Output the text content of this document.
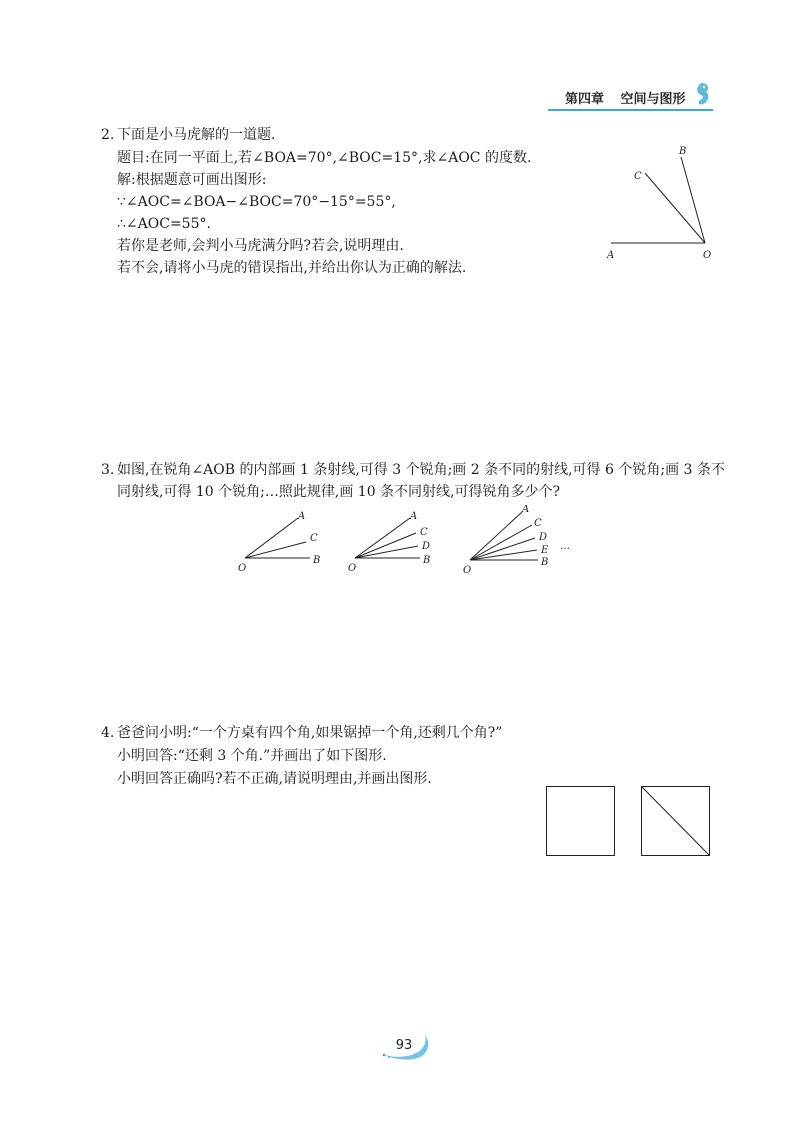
第四章 空间与图形
2. 下面是小马虎解的一道题.
题目:在同一平面上,若∠BOA=70°,∠BOC=15°,求∠AOC 的度数.
解:根据题意可画出图形:
∵∠AOC=∠BOA−∠BOC=70°−15°=55°,
∴∠AOC=55°.
若你是老师,会判小马虎满分吗?若会,说明理由.
若不会,请将小马虎的错误指出,并给出你认为正确的解法.
A
B
C
O
3. 如图,在锐角∠AOB 的内部画 1 条射线,可得 3 个锐角;画 2 条不同的射线,可得 6 个锐角;画 3 条不
同射线,可得 10 个锐角;…照此规律,画 10 条不同射线,可得锐角多少个?
A
C
B
O
A
C
D
B
O
A
C
D
E
B
O
…
4. 爸爸问小明:“一个方桌有四个角,如果锯掉一个角,还剩几个角?”
小明回答:“还剩 3 个角.”并画出了如下图形.
小明回答正确吗?若不正确,请说明理由,并画出图形.
93
